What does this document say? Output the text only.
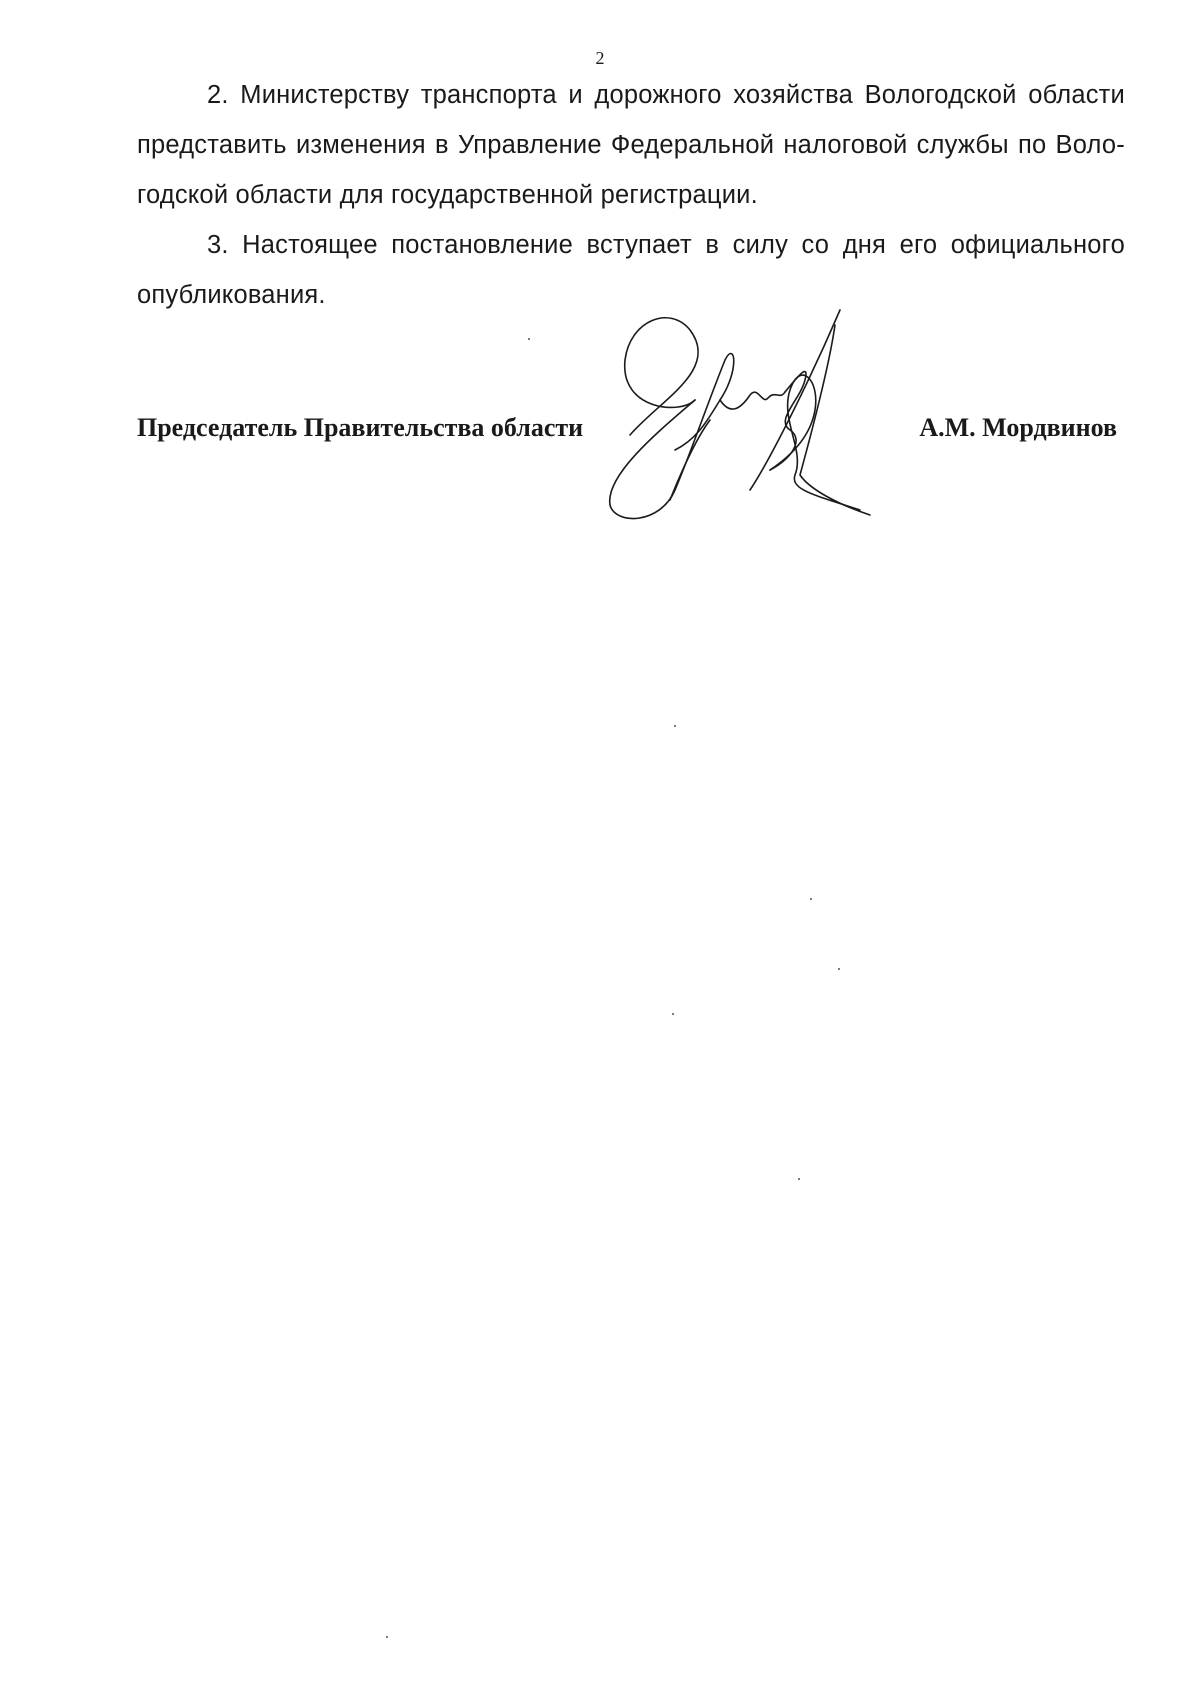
2

2. Министерству транспорта и дорожного хозяйства Вологодской области представить изменения в Управление Федеральной налоговой службы по Воло-годской области для государственной регистрации.

3. Настоящее постановление вступает в силу со дня его официального опубликования.

Председатель Правительства области	А.М. Мордвинов
